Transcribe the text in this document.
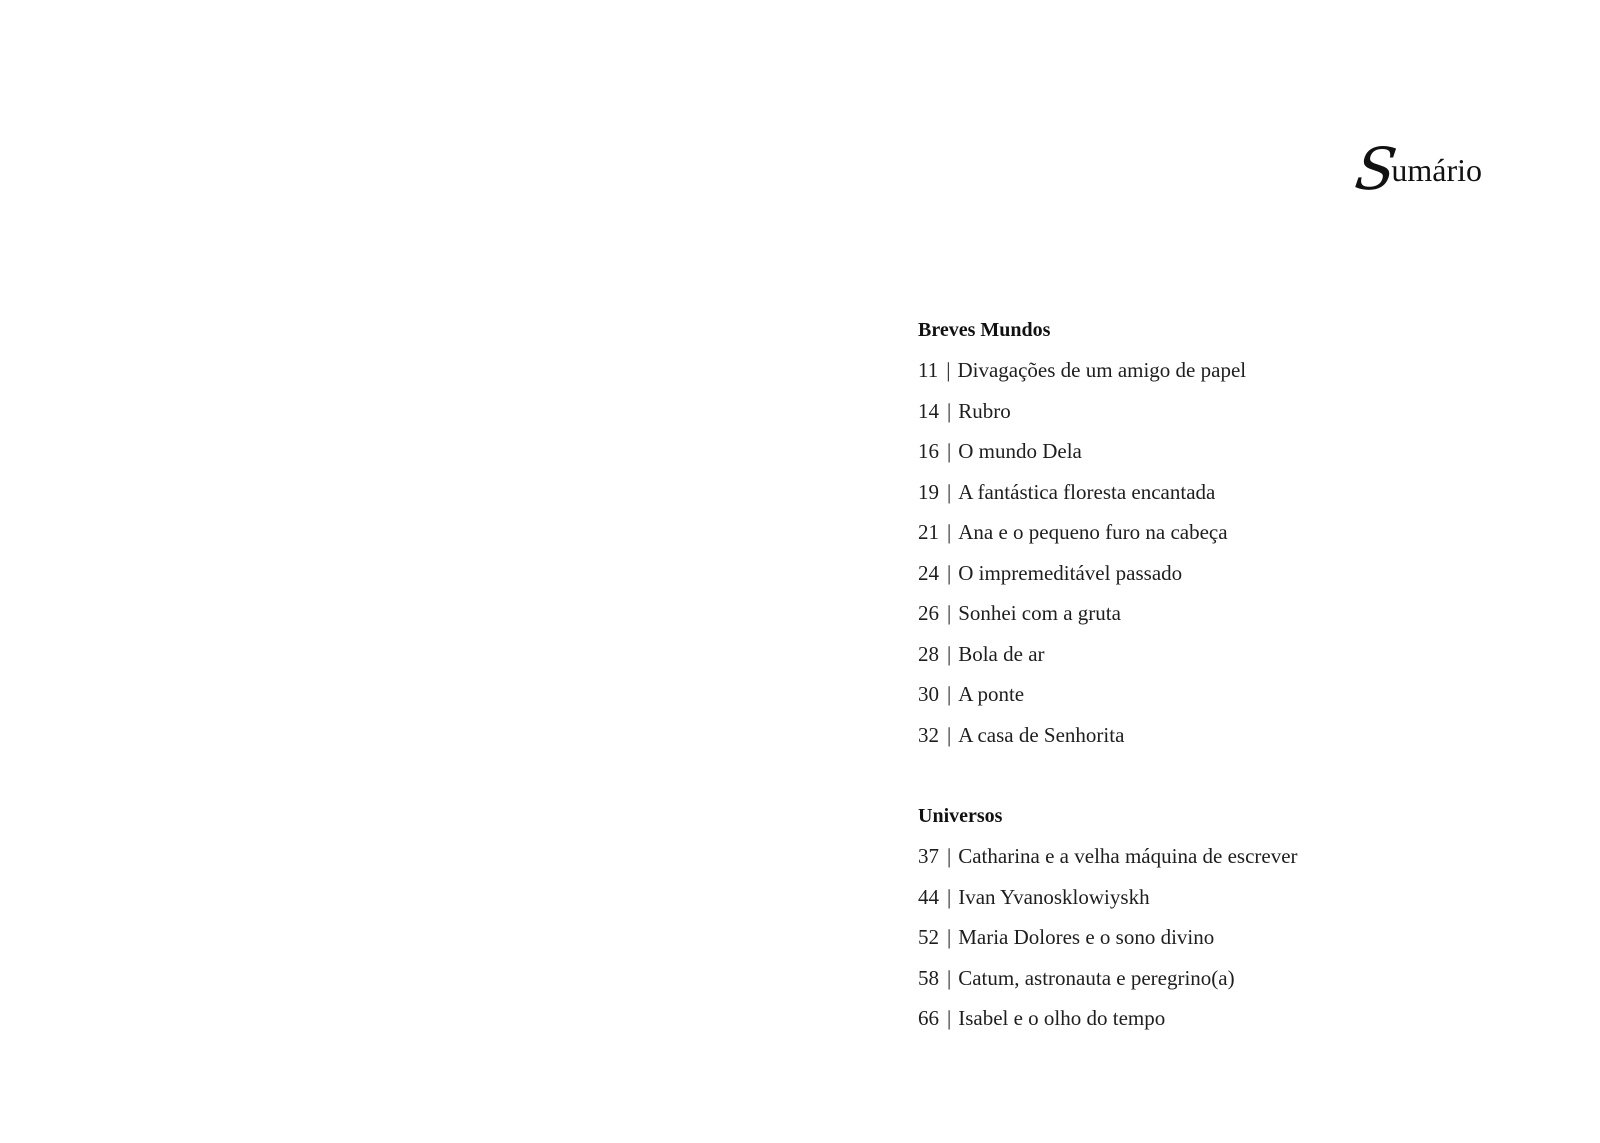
S
umário
Breves Mundos
11 | Divagações de um amigo de papel
14 | Rubro
16 | O mundo Dela
19 | A fantástica floresta encantada
21 | Ana e o pequeno furo na cabeça
24 | O impremeditável passado
26 | Sonhei com a gruta
28 | Bola de ar
30 | A ponte
32 | A casa de Senhorita
Universos
37 | Catharina e a velha máquina de escrever
44 | Ivan Yvanosklowiyskh
52 | Maria Dolores e o sono divino
58 | Catum, astronauta e peregrino(a)
66 | Isabel e o olho do tempo
